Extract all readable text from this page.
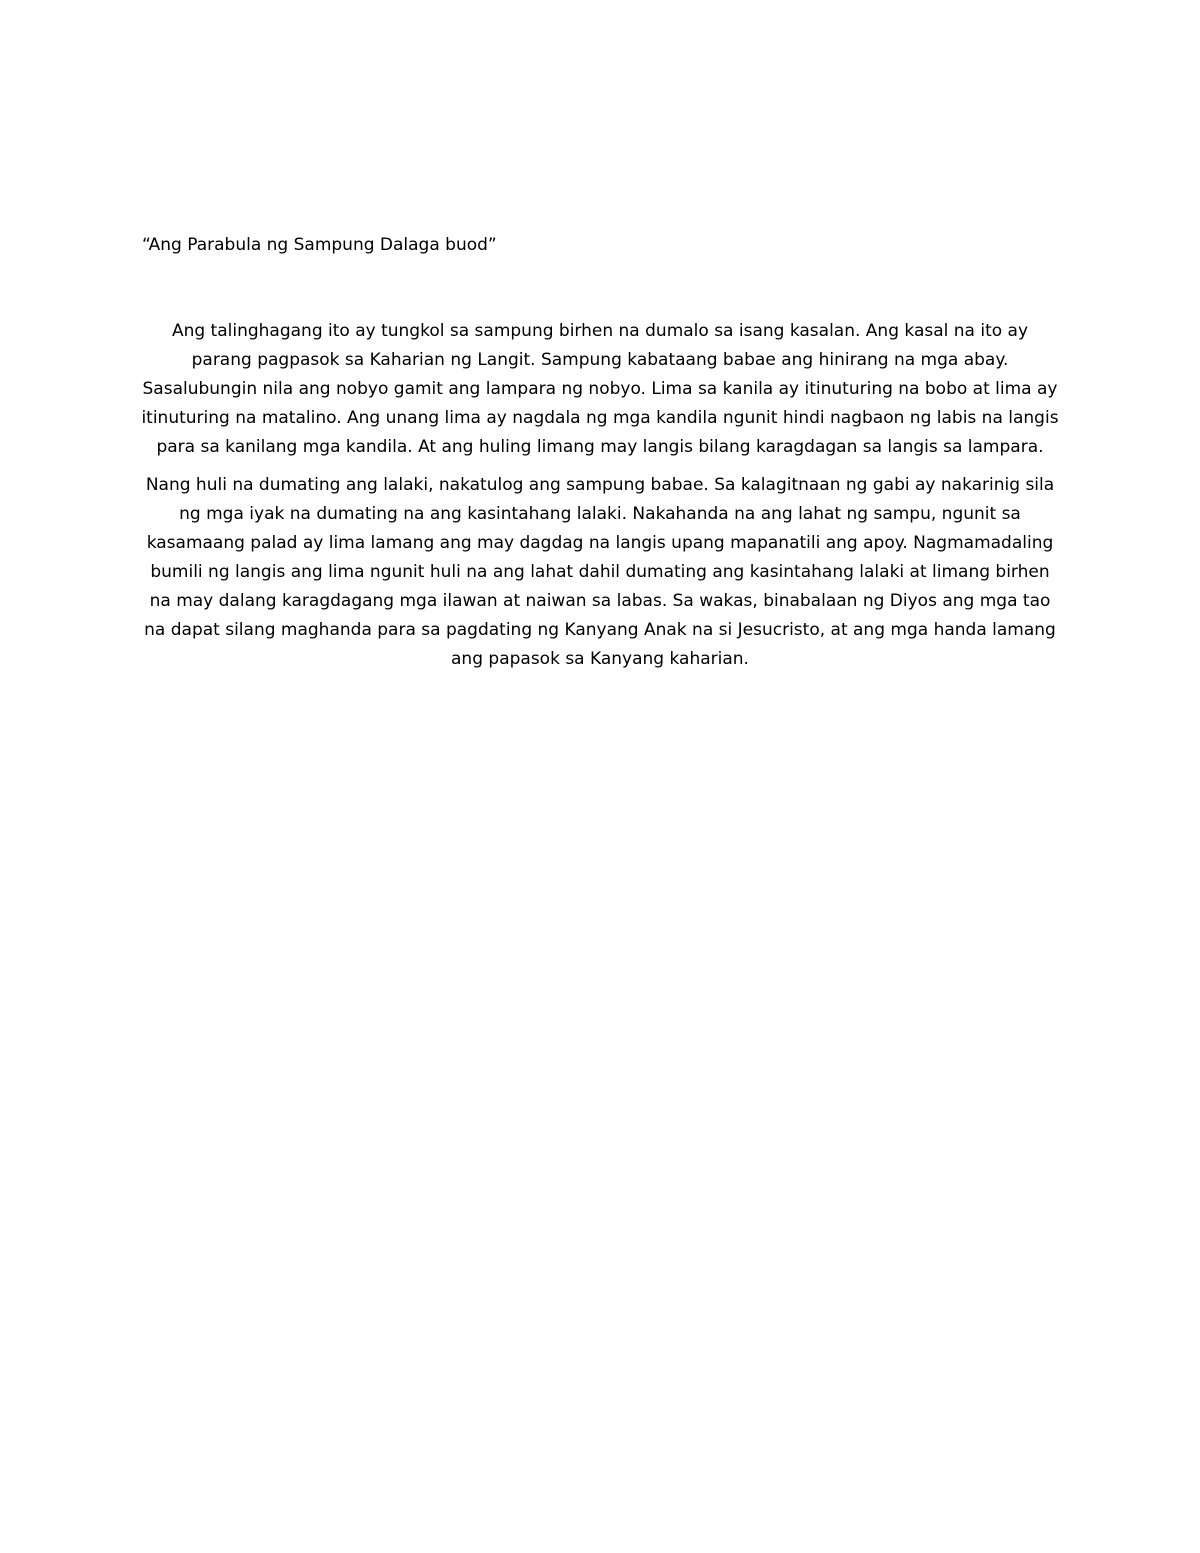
“Ang Parabula ng Sampung Dalaga buod”

Ang talinghagang ito ay tungkol sa sampung birhen na dumalo sa isang kasalan. Ang kasal na ito ay parang pagpasok sa Kaharian ng Langit. Sampung kabataang babae ang hinirang na mga abay. Sasalubungin nila ang nobyo gamit ang lampara ng nobyo. Lima sa kanila ay itinuturing na bobo at lima ay itinuturing na matalino. Ang unang lima ay nagdala ng mga kandila ngunit hindi nagbaon ng labis na langis para sa kanilang mga kandila. At ang huling limang may langis bilang karagdagan sa langis sa lampara.

Nang huli na dumating ang lalaki, nakatulog ang sampung babae. Sa kalagitnaan ng gabi ay nakarinig sila ng mga iyak na dumating na ang kasintahang lalaki. Nakahanda na ang lahat ng sampu, ngunit sa kasamaang palad ay lima lamang ang may dagdag na langis upang mapanatili ang apoy. Nagmamadaling bumili ng langis ang lima ngunit huli na ang lahat dahil dumating ang kasintahang lalaki at limang birhen na may dalang karagdagang mga ilawan at naiwan sa labas. Sa wakas, binabalaan ng Diyos ang mga tao na dapat silang maghanda para sa pagdating ng Kanyang Anak na si Jesucristo, at ang mga handa lamang ang papasok sa Kanyang kaharian.
